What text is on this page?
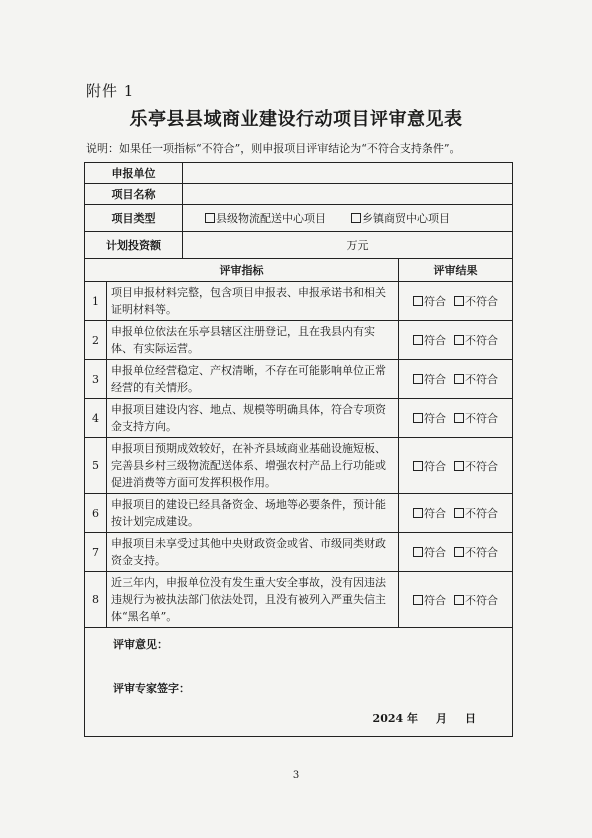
附件 1
乐亭县县域商业建设行动项目评审意见表
说明：如果任一项指标“不符合”，则申报项目评审结论为“不符合支持条件”。
申报单位			
项目名称			
项目类型		县级物流配送中心项目 乡镇商贸中心项目	
计划投资额		万元	
评审指标			评审结果
1	项目申报材料完整，包含项目申报表、申报承诺书和相关证明材料等。		符合 不符合
2	申报单位依法在乐亭县辖区注册登记，且在我县内有实体、有实际运营。		符合 不符合
3	申报单位经营稳定、产权清晰，不存在可能影响单位正常经营的有关情形。		符合 不符合
4	申报项目建设内容、地点、规模等明确具体，符合专项资金支持方向。		符合 不符合
5	申报项目预期成效较好，在补齐县域商业基础设施短板、完善县乡村三级物流配送体系、增强农村产品上行功能或促进消费等方面可发挥积极作用。		符合 不符合
6	申报项目的建设已经具备资金、场地等必要条件，预计能按计划完成建设。		符合 不符合
7	申报项目未享受过其他中央财政资金或省、市级同类财政资金支持。		符合 不符合
8	近三年内，申报单位没有发生重大安全事故，没有因违法违规行为被执法部门依法处罚，且没有被列入严重失信主体“黑名单”。		符合 不符合

评审意见：
评审专家签字：
2024 年 月 日			
3
